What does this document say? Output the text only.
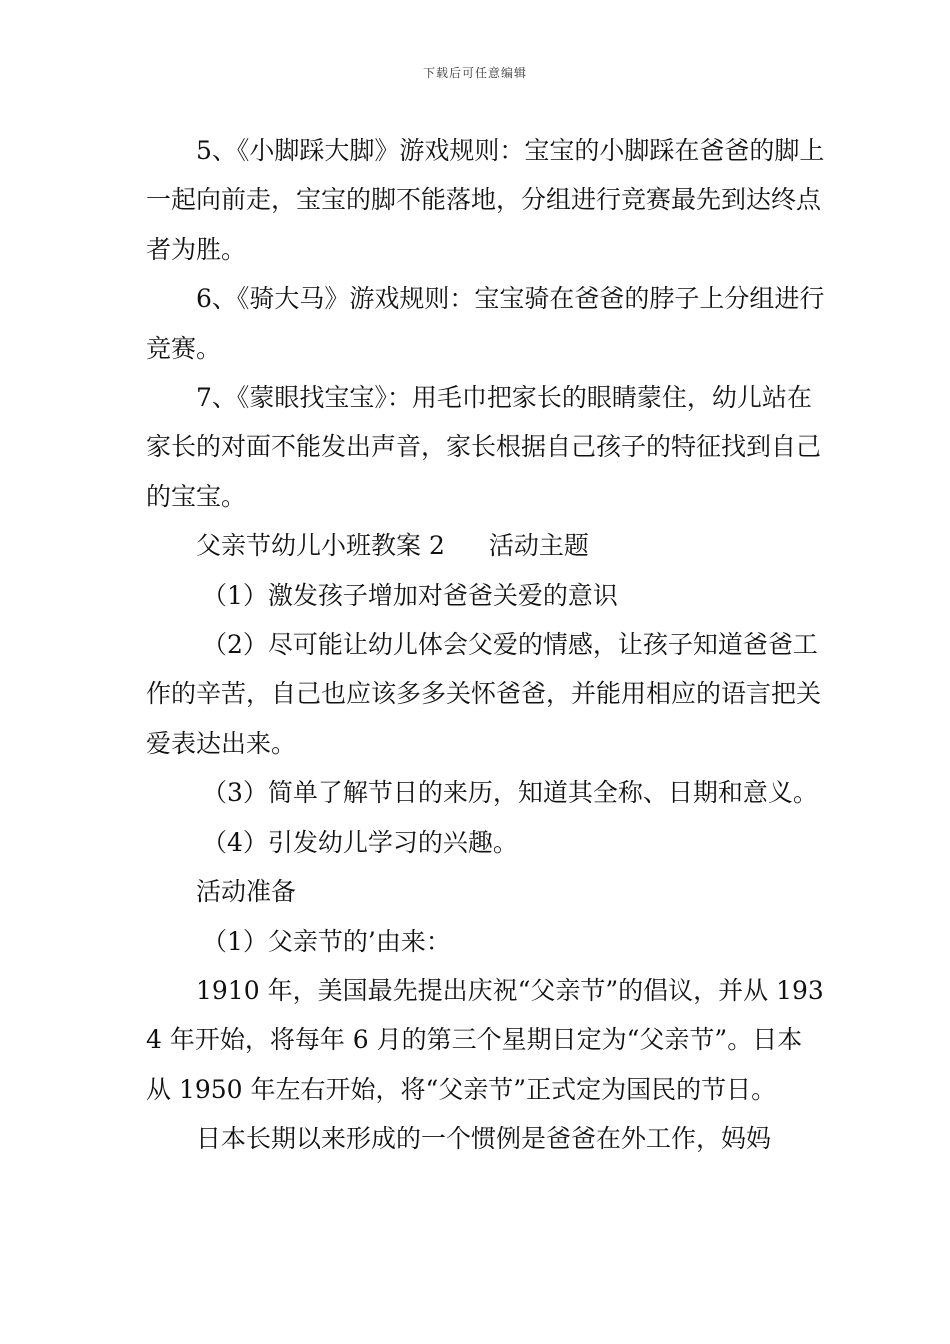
下载后可任意编辑

5、《小脚踩大脚》游戏规则：宝宝的小脚踩在爸爸的脚上一起向前走，宝宝的脚不能落地，分组进行竞赛最先到达终点者为胜。

6、《骑大马》游戏规则：宝宝骑在爸爸的脖子上分组进行竞赛。

7、《蒙眼找宝宝》：用毛巾把家长的眼睛蒙住，幼儿站在家长的对面不能发出声音，家长根据自己孩子的特征找到自己的宝宝。

父亲节幼儿小班教案 2 活动主题

（1）激发孩子增加对爸爸关爱的意识

（2）尽可能让幼儿体会父爱的情感，让孩子知道爸爸工作的辛苦，自己也应该多多关怀爸爸，并能用相应的语言把关爱表达出来。

（3）简单了解节日的来历，知道其全称、日期和意义。

（4）引发幼儿学习的兴趣。

活动准备

（1）父亲节的’由来：

1910 年，美国最先提出庆祝“父亲节”的倡议，并从 1934 年开始，将每年 6 月的第三个星期日定为“父亲节”。日本从 1950 年左右开始，将“父亲节”正式定为国民的节日。

日本长期以来形成的一个惯例是爸爸在外工作，妈妈
